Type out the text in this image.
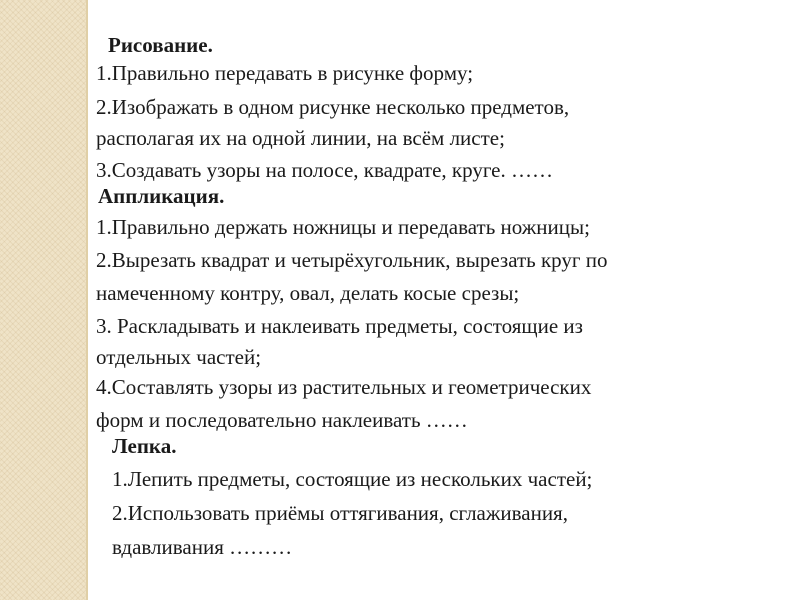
Рисование.
1.Правильно передавать в рисунке форму;
2.Изображать в одном рисунке несколько предметов,
располагая их на одной линии, на всём листе;
3.Создавать узоры на полосе, квадрате, круге. ……
Аппликация.
1.Правильно держать ножницы и передавать ножницы;
2.Вырезать квадрат и четырёхугольник, вырезать круг по
намеченному контру, овал, делать косые срезы;
3. Раскладывать и наклеивать предметы, состоящие из
отдельных частей;
4.Составлять узоры из растительных и геометрических
форм и последовательно наклеивать ……
Лепка.
1.Лепить предметы, состоящие из нескольких частей;
2.Использовать приёмы оттягивания, сглаживания,
вдавливания ………
